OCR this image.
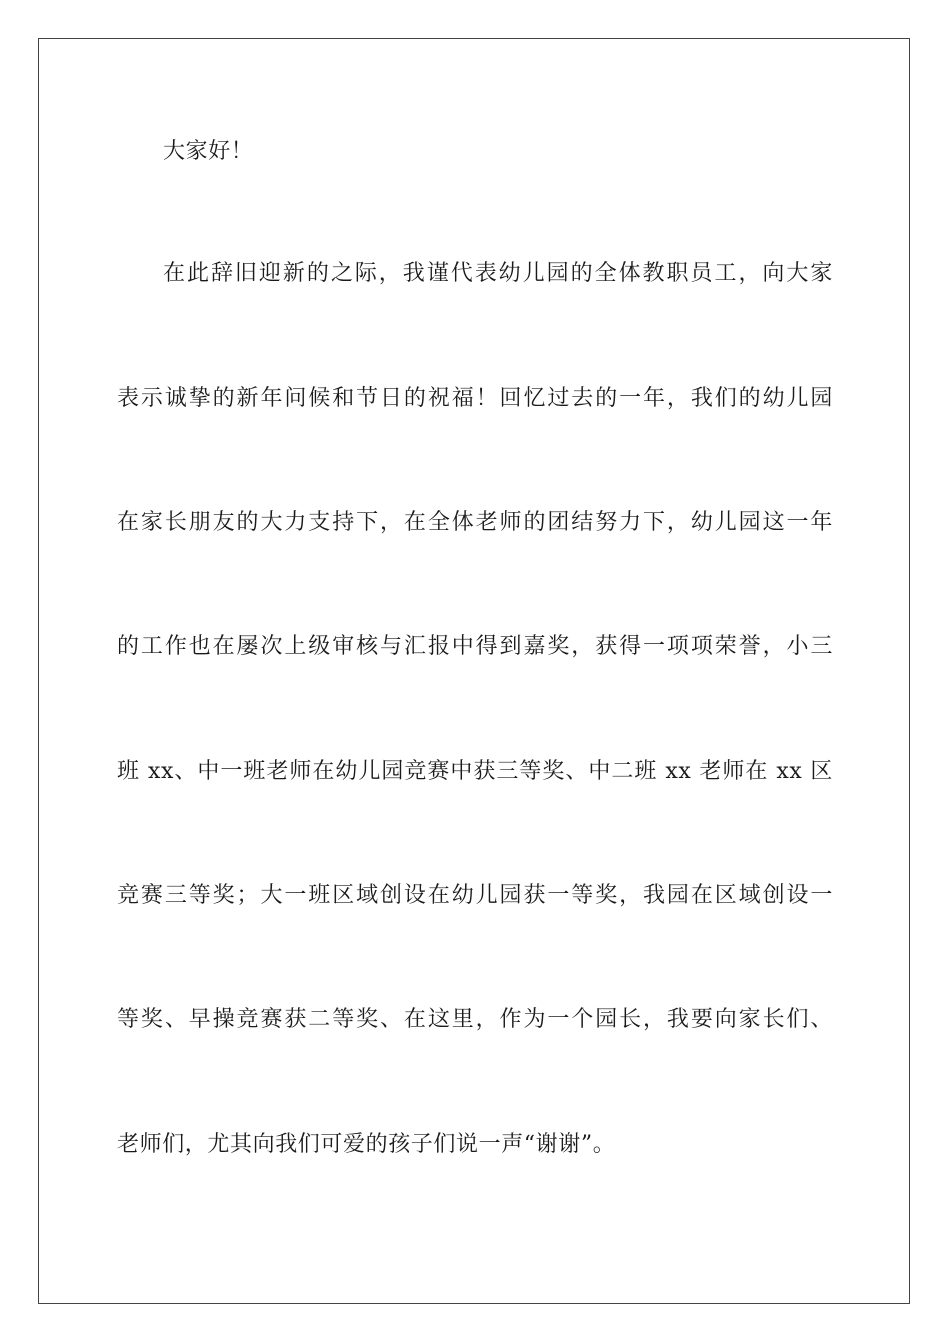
大家好！
在此辞旧迎新的之际，我谨代表幼儿园的全体教职员工，向大家
表示诚挚的新年问候和节日的祝福！回忆过去的一年，我们的幼儿园
在家长朋友的大力支持下，在全体老师的团结努力下，幼儿园这一年
的工作也在屡次上级审核与汇报中得到嘉奖，获得一项项荣誉，小三
班 xx、中一班老师在幼儿园竞赛中获三等奖、中二班 xx 老师在 xx 区
竞赛三等奖；大一班区域创设在幼儿园获一等奖，我园在区域创设一
等奖、早操竞赛获二等奖、在这里，作为一个园长，我要向家长们、
老师们，尤其向我们可爱的孩子们说一声“谢谢”。
